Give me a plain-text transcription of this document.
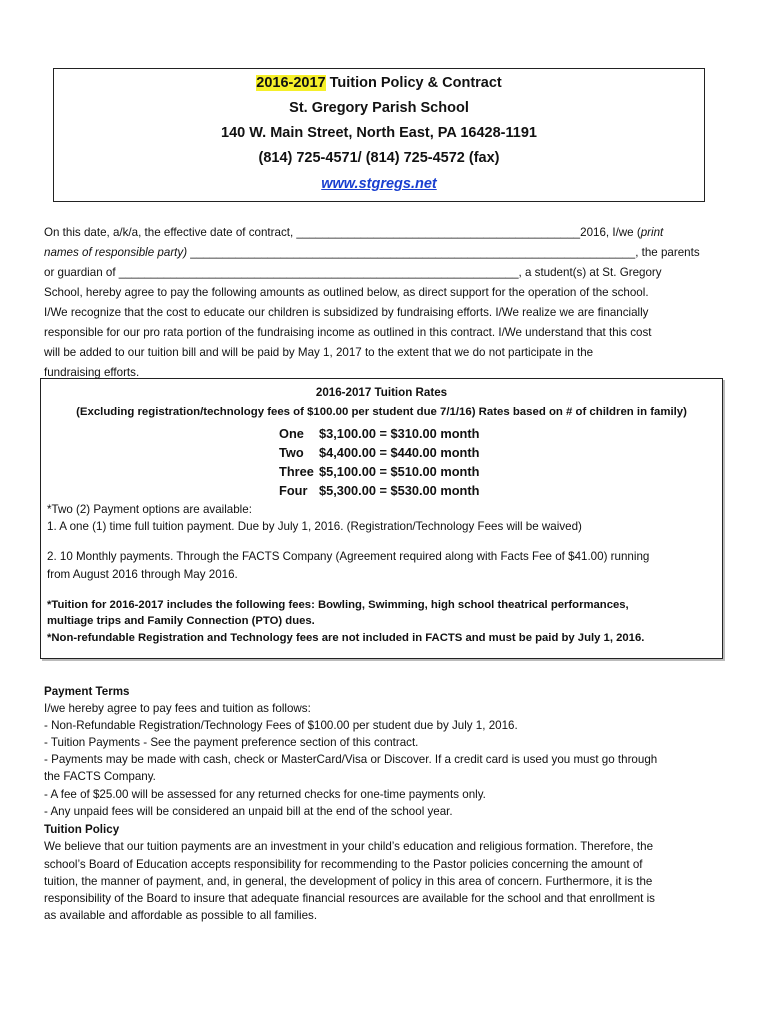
2016-2017 Tuition Policy & Contract
St. Gregory Parish School
140 W. Main Street, North East, PA 16428-1191
(814) 725-4571/ (814) 725-4572 (fax)
www.stgregs.net
On this date, a/k/a, the effective date of contract, ____________________________________________2016, I/we (print
names of responsible party) _____________________________________________________________________, the parents
or guardian of ______________________________________________________________, a student(s) at St. Gregory
School, hereby agree to pay the following amounts as outlined below, as direct support for the operation of the school.
I/We recognize that the cost to educate our children is subsidized by fundraising efforts. I/We realize we are financially
responsible for our pro rata portion of the fundraising income as outlined in this contract. I/We understand that this cost
will be added to our tuition bill and will be paid by May 1, 2017 to the extent that we do not participate in the
fundraising efforts.
2016-2017 Tuition Rates
(Excluding registration/technology fees of $100.00 per student due 7/1/16) Rates based on # of children in family)
One $3,100.00 = $310.00 month
Two $4,400.00 = $440.00 month
Three $5,100.00 = $510.00 month
Four $5,300.00 = $530.00 month
*Two (2) Payment options are available:
1. A one (1) time full tuition payment. Due by July 1, 2016. (Registration/Technology Fees will be waived)
2. 10 Monthly payments. Through the FACTS Company (Agreement required along with Facts Fee of $41.00) running
from August 2016 through May 2016.
*Tuition for 2016-2017 includes the following fees: Bowling, Swimming, high school theatrical performances,
multiage trips and Family Connection (PTO) dues.
*Non-refundable Registration and Technology fees are not included in FACTS and must be paid by July 1, 2016.
Payment Terms
I/we hereby agree to pay fees and tuition as follows:
- Non-Refundable Registration/Technology Fees of $100.00 per student due by July 1, 2016.
- Tuition Payments - See the payment preference section of this contract.
- Payments may be made with cash, check or MasterCard/Visa or Discover. If a credit card is used you must go through
the FACTS Company.
- A fee of $25.00 will be assessed for any returned checks for one-time payments only.
- Any unpaid fees will be considered an unpaid bill at the end of the school year.
Tuition Policy
We believe that our tuition payments are an investment in your child’s education and religious formation. Therefore, the
school’s Board of Education accepts responsibility for recommending to the Pastor policies concerning the amount of
tuition, the manner of payment, and, in general, the development of policy in this area of concern. Furthermore, it is the
responsibility of the Board to insure that adequate financial resources are available for the school and that enrollment is
as available and affordable as possible to all families.
